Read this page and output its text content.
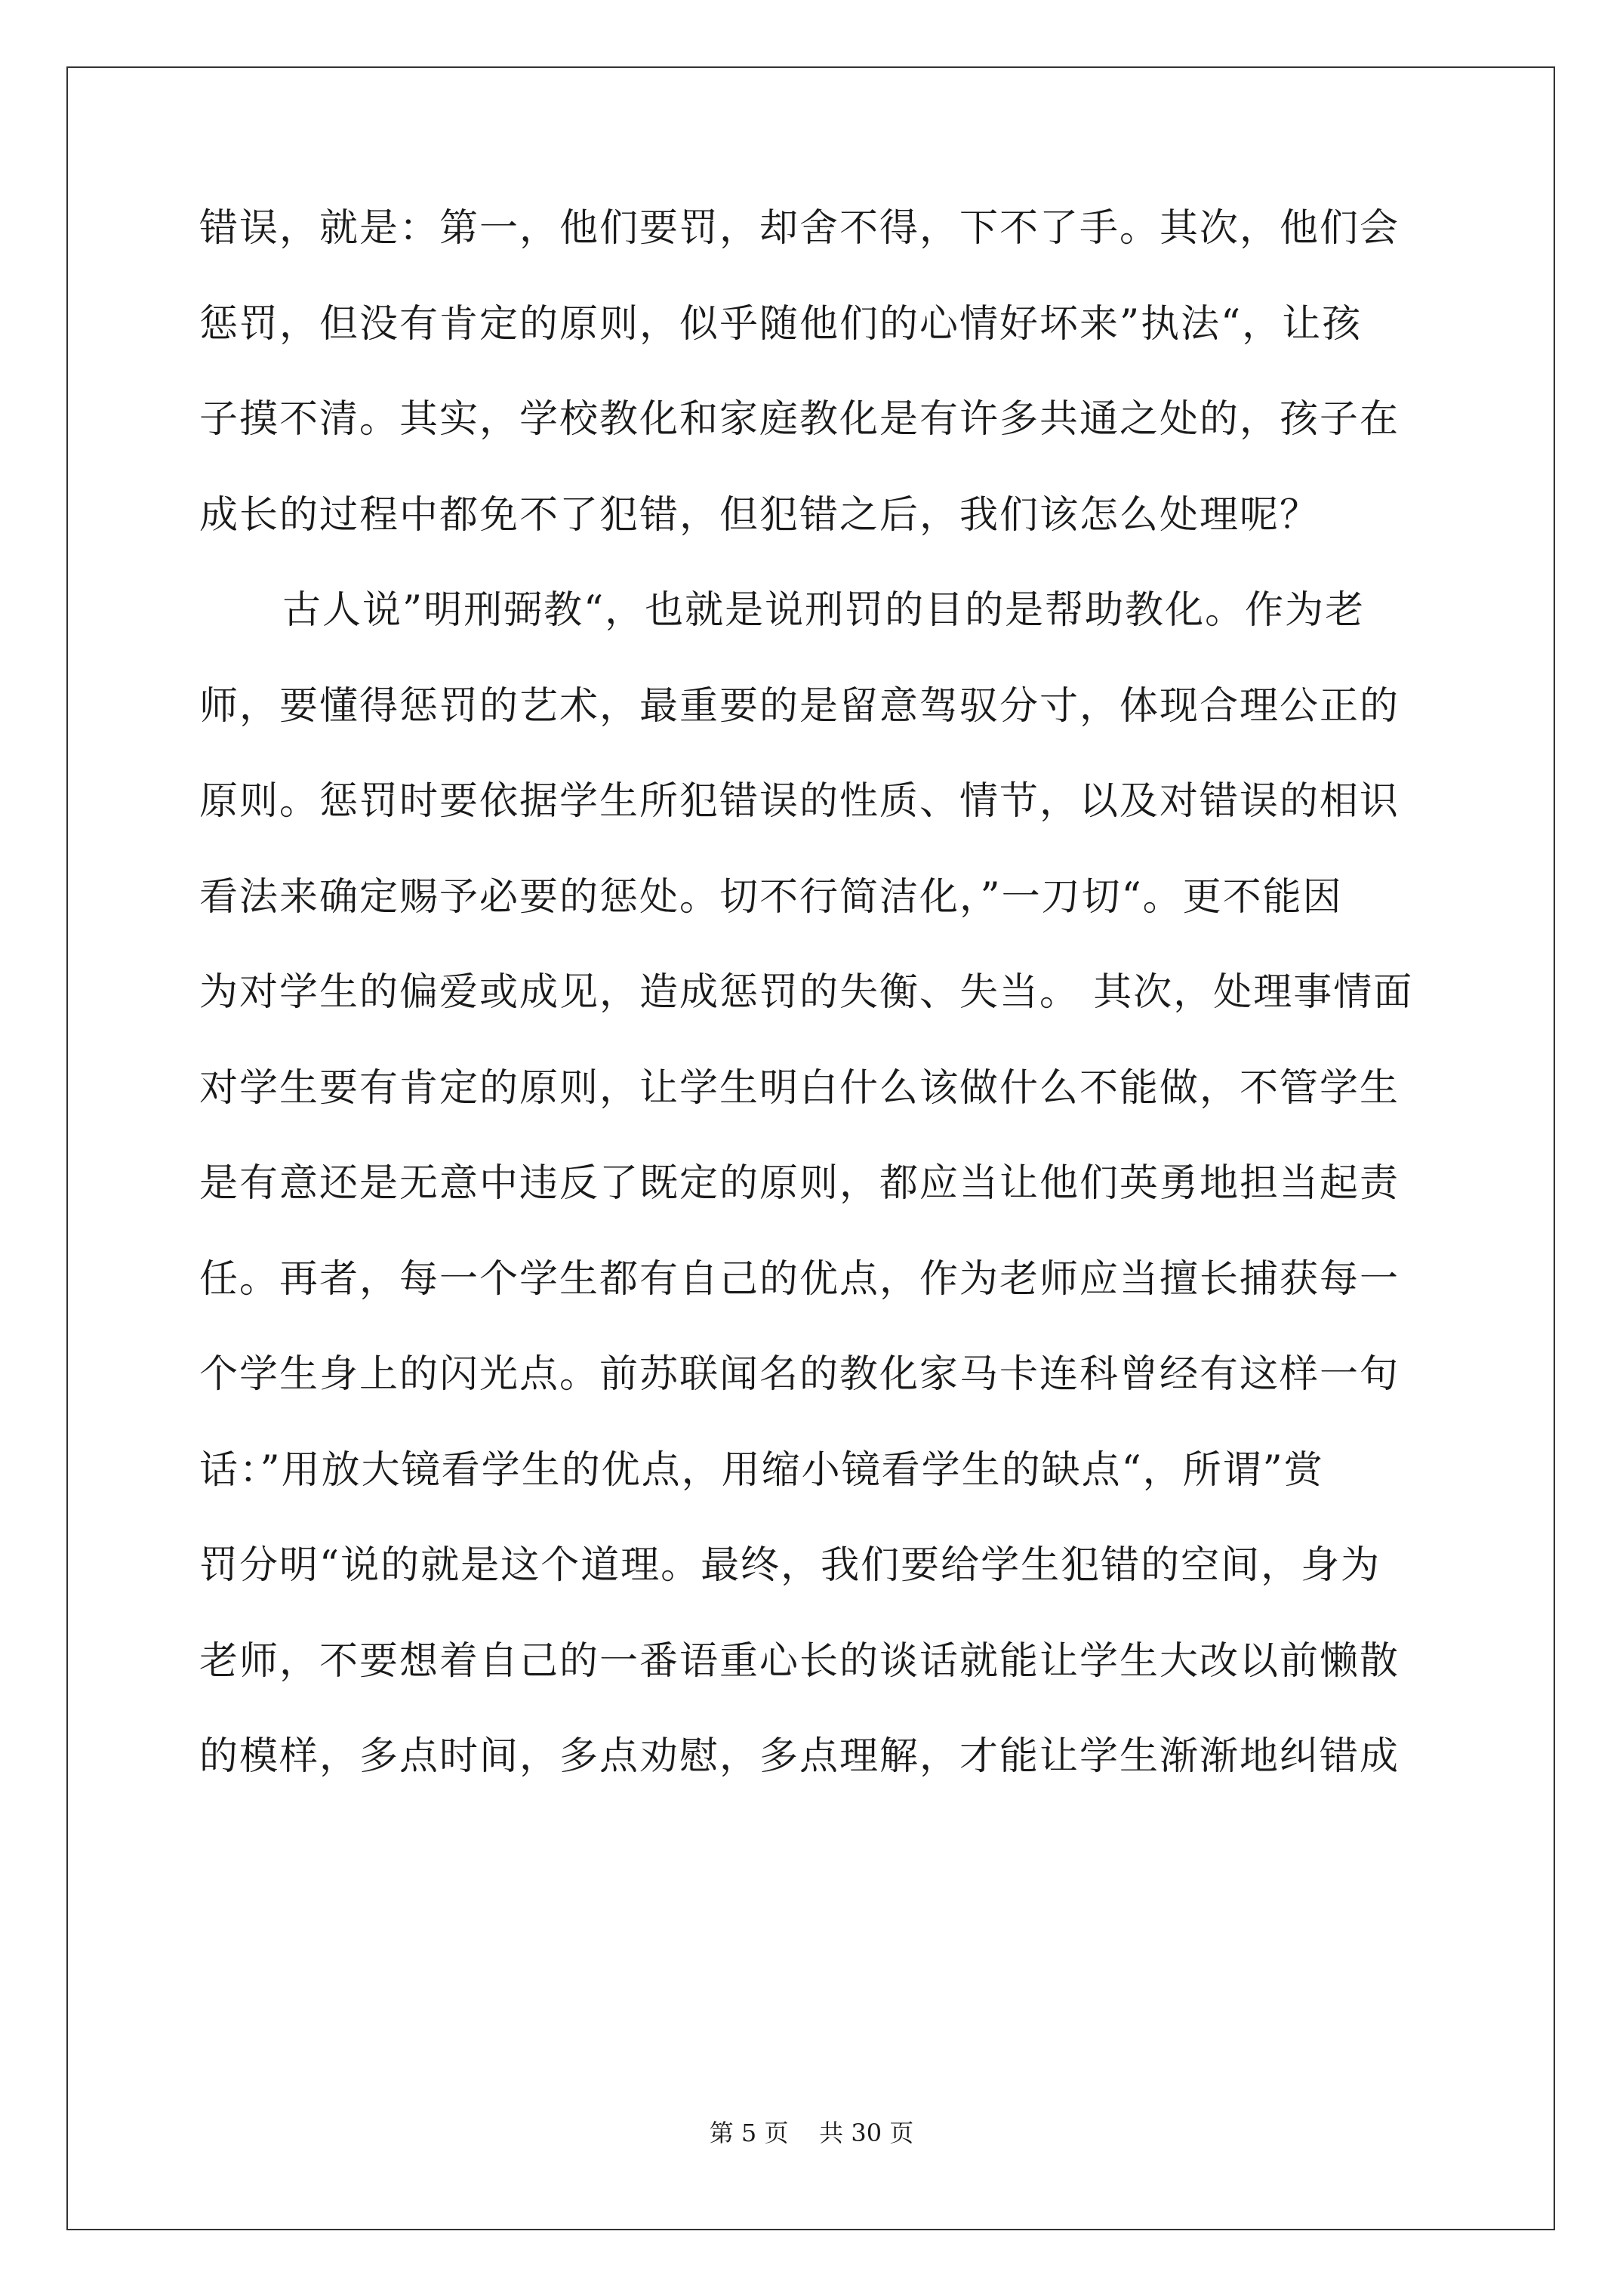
错误，就是：第一，他们要罚，却舍不得，下不了手。其次，他们会
惩罚，但没有肯定的原则，似乎随他们的心情好坏来”执法“，让孩
子摸不清。其实，学校教化和家庭教化是有许多共通之处的，孩子在
成长的过程中都免不了犯错，但犯错之后，我们该怎么处理呢？
古人说”明刑弼教“，也就是说刑罚的目的是帮助教化。作为老
师，要懂得惩罚的艺术，最重要的是留意驾驭分寸，体现合理公正的
原则。惩罚时要依据学生所犯错误的性质、情节，以及对错误的相识
看法来确定赐予必要的惩处。切不行简洁化，”一刀切“。更不能因
为对学生的偏爱或成见，造成惩罚的失衡、失当。 其次，处理事情面
对学生要有肯定的原则，让学生明白什么该做什么不能做，不管学生
是有意还是无意中违反了既定的原则，都应当让他们英勇地担当起责
任。再者，每一个学生都有自己的优点，作为老师应当擅长捕获每一
个学生身上的闪光点。前苏联闻名的教化家马卡连科曾经有这样一句
话：”用放大镜看学生的优点，用缩小镜看学生的缺点“，所谓”赏
罚分明“说的就是这个道理。最终，我们要给学生犯错的空间，身为
老师，不要想着自己的一番语重心长的谈话就能让学生大改以前懒散
的模样，多点时间，多点劝慰，多点理解，才能让学生渐渐地纠错成
第 5 页 共 30 页
